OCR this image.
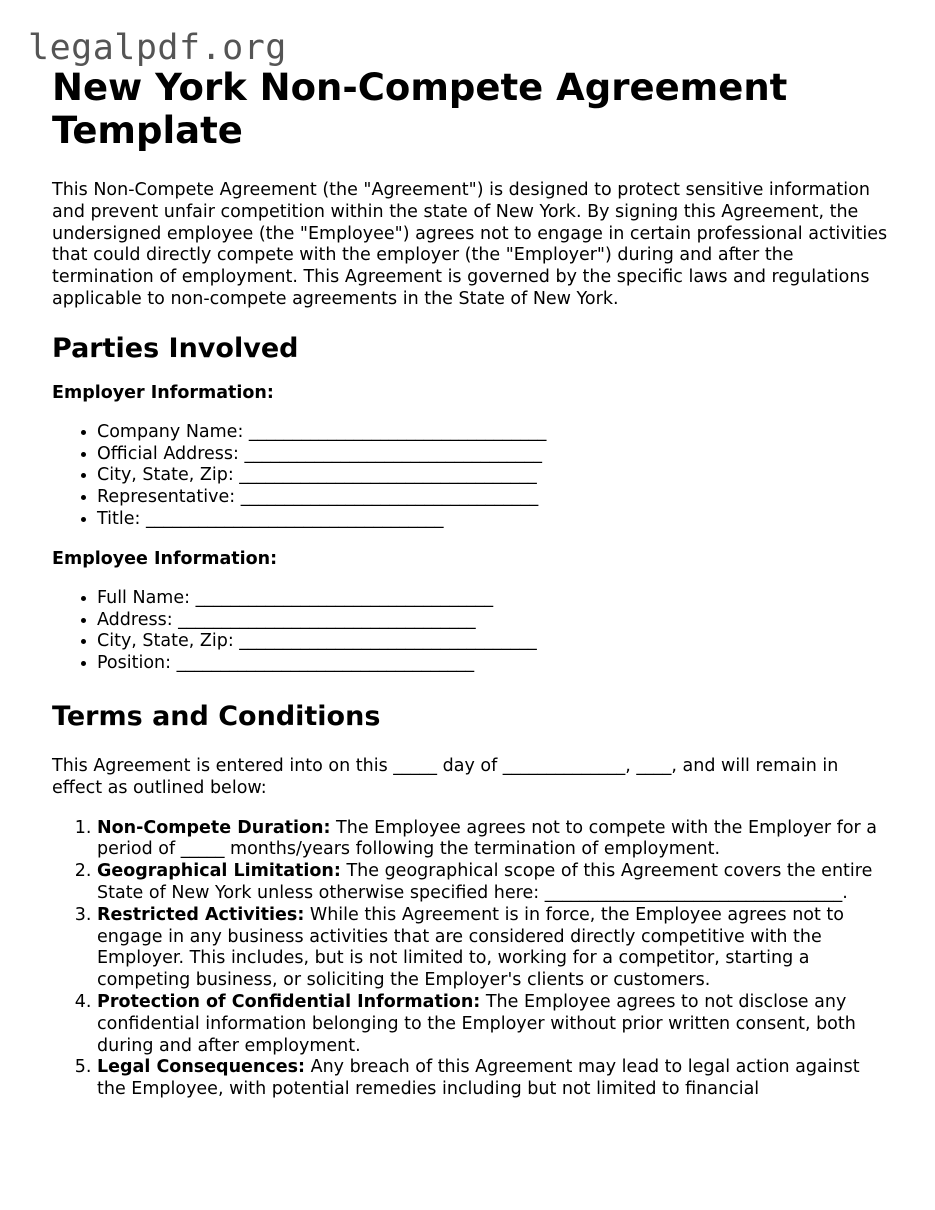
legalpdf.org
New York Non-Compete Agreement Template

This Non-Compete Agreement (the "Agreement") is designed to protect sensitive information and prevent unfair competition within the state of New York. By signing this Agreement, the undersigned employee (the "Employee") agrees not to engage in certain professional activities that could directly compete with the employer (the "Employer") during and after the termination of employment. This Agreement is governed by the specific laws and regulations applicable to non-compete agreements in the State of New York.

Parties Involved
Employer Information:
• Company Name: __________________________________
• Official Address: __________________________________
• City, State, Zip: __________________________________
• Representative: __________________________________
• Title: __________________________________
Employee Information:
• Full Name: __________________________________
• Address: __________________________________
• City, State, Zip: __________________________________
• Position: __________________________________
Terms and Conditions

This Agreement is entered into on this _____ day of ______________, ____, and will remain in effect as outlined below:

1. Non-Compete Duration: The Employee agrees not to compete with the Employer for a period of _____ months/years following the termination of employment.
2. Geographical Limitation: The geographical scope of this Agreement covers the entire State of New York unless otherwise specified here: __________________________________.
3. Restricted Activities: While this Agreement is in force, the Employee agrees not to engage in any business activities that are considered directly competitive with the Employer. This includes, but is not limited to, working for a competitor, starting a competing business, or soliciting the Employer's clients or customers.
4. Protection of Confidential Information: The Employee agrees to not disclose any confidential information belonging to the Employer without prior written consent, both during and after employment.
5. Legal Consequences: Any breach of this Agreement may lead to legal action against the Employee, with potential remedies including but not limited to financial
